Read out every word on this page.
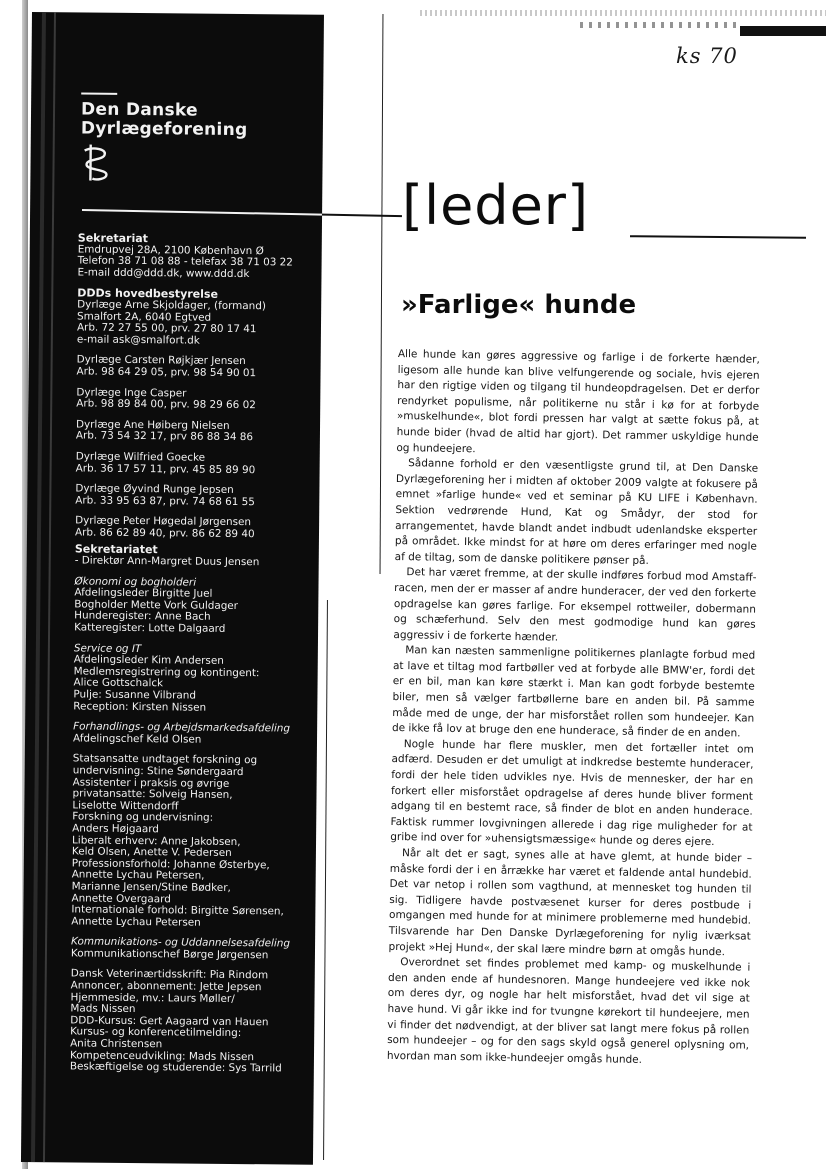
ks 70
Den Danske
Dyrlægeforening
Sekretariat
Emdrupvej 28A, 2100 København Ø
Telefon 38 71 08 88 - telefax 38 71 03 22
E-mail ddd@ddd.dk, www.ddd.dk
DDDs hovedbestyrelse
Dyrlæge Arne Skjoldager, (formand)
Smalfort 2A, 6040 Egtved
Arb. 72 27 55 00, prv. 27 80 17 41
e-mail ask@smalfort.dk
Dyrlæge Carsten Røjkjær Jensen
Arb. 98 64 29 05, prv. 98 54 90 01
Dyrlæge Inge Casper
Arb. 98 89 84 00, prv. 98 29 66 02
Dyrlæge Ane Høiberg Nielsen
Arb. 73 54 32 17, prv 86 88 34 86
Dyrlæge Wilfried Goecke
Arb. 36 17 57 11, prv. 45 85 89 90
Dyrlæge Øyvind Runge Jepsen
Arb. 33 95 63 87, prv. 74 68 61 55
Dyrlæge Peter Høgedal Jørgensen
Arb. 86 62 89 40, prv. 86 62 89 40
Sekretariatet
- Direktør Ann-Margret Duus Jensen
Økonomi og bogholderi
Afdelingsleder Birgitte Juel
Bogholder Mette Vork Guldager
Hunderegister: Anne Bach
Katteregister: Lotte Dalgaard
Service og IT
Afdelingsleder Kim Andersen
Medlemsregistrering og kontingent:
Alice Gottschalck
Pulje: Susanne Vilbrand
Reception: Kirsten Nissen
Forhandlings- og Arbejdsmarkedsafdeling
Afdelingschef Keld Olsen
Statsansatte undtaget forskning og
undervisning: Stine Søndergaard
Assistenter i praksis og øvrige
privatansatte: Solveig Hansen,
Liselotte Wittendorff
Forskning og undervisning:
Anders Højgaard
Liberalt erhverv: Anne Jakobsen,
Keld Olsen, Anette V. Pedersen
Professionsforhold: Johanne Østerbye,
Annette Lychau Petersen,
Marianne Jensen/Stine Bødker,
Annette Overgaard
Internationale forhold: Birgitte Sørensen,
Annette Lychau Petersen
Kommunikations- og Uddannelsesafdeling
Kommunikationschef Børge Jørgensen
Dansk Veterinærtidsskrift: Pia Rindom
Annoncer, abonnement: Jette Jepsen
Hjemmeside, mv.: Laurs Møller/
Mads Nissen
DDD-Kursus: Gert Aagaard van Hauen
Kursus- og konferencetilmelding:
Anita Christensen
Kompetenceudvikling: Mads Nissen
Beskæftigelse og studerende: Sys Tarrild
[leder]
»Farlige« hunde

Alle hunde kan gøres aggressive og farlige i de forkerte hænder, ligesom alle hunde kan blive velfungerende og sociale, hvis ejeren har den rigtige viden og tilgang til hundeopdragelsen. Det er derfor rendyrket populisme, når politikerne nu står i kø for at forbyde »muskelhunde«, blot fordi pressen har valgt at sætte fokus på, at hunde bider (hvad de altid har gjort). Det rammer uskyldige hunde og hundeejere.

Sådanne forhold er den væsentligste grund til, at Den Danske Dyrlægeforening her i midten af oktober 2009 valgte at fokusere på emnet »farlige hunde« ved et seminar på KU LIFE i København. Sektion vedrørende Hund, Kat og Smådyr, der stod for arrangementet, havde blandt andet indbudt udenlandske eksperter på området. Ikke mindst for at høre om deres erfaringer med nogle af de tiltag, som de danske politikere pønser på.

Det har været fremme, at der skulle indføres forbud mod Amstaff-racen, men der er masser af andre hunderacer, der ved den forkerte opdragelse kan gøres farlige. For eksempel rottweiler, dobermann og schæferhund. Selv den mest godmodige hund kan gøres aggressiv i de forkerte hænder.

Man kan næsten sammenligne politikernes planlagte forbud med at lave et tiltag mod fartbøller ved at forbyde alle BMW'er, fordi det er en bil, man kan køre stærkt i. Man kan godt forbyde bestemte biler, men så vælger fartbøllerne bare en anden bil. På samme måde med de unge, der har misforstået rollen som hundeejer. Kan de ikke få lov at bruge den ene hunderace, så finder de en anden.

Nogle hunde har flere muskler, men det fortæller intet om adfærd. Desuden er det umuligt at indkredse bestemte hunderacer, fordi der hele tiden udvikles nye. Hvis de mennesker, der har en forkert eller misforstået opdragelse af deres hunde bliver forment adgang til en bestemt race, så finder de blot en anden hunderace. Faktisk rummer lovgivningen allerede i dag rige muligheder for at gribe ind over for »uhensigtsmæssige« hunde og deres ejere.

Når alt det er sagt, synes alle at have glemt, at hunde bider – måske fordi der i en årrække har været et faldende antal hundebid. Det var netop i rollen som vagthund, at mennesket tog hunden til sig. Tidligere havde postvæsenet kurser for deres postbude i omgangen med hunde for at minimere problemerne med hundebid. Tilsvarende har Den Danske Dyrlægeforening for nylig iværksat projekt »Hej Hund«, der skal lære mindre børn at omgås hunde.

Overordnet set findes problemet med kamp- og muskelhunde i den anden ende af hundesnoren. Mange hundeejere ved ikke nok om deres dyr, og nogle har helt misforstået, hvad det vil sige at have hund. Vi går ikke ind for tvungne kørekort til hundeejere, men vi finder det nødvendigt, at der bliver sat langt mere fokus på rollen som hundeejer – og for den sags skyld også generel oplysning om, hvordan man som ikke-hundeejer omgås hunde.
